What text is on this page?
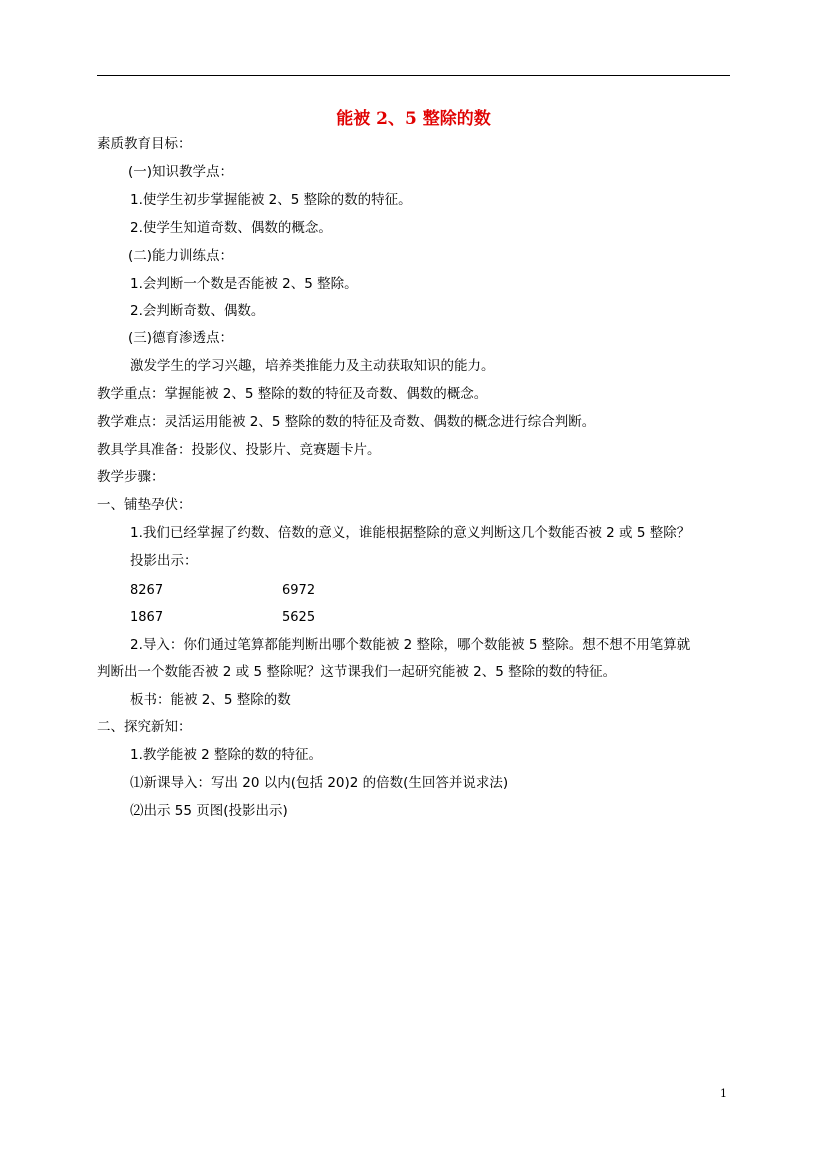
能被 2、5 整除的数
素质教育目标：
(一)知识教学点：
1.使学生初步掌握能被 2、5 整除的数的特征。
2.使学生知道奇数、偶数的概念。
(二)能力训练点：
1.会判断一个数是否能被 2、5 整除。
2.会判断奇数、偶数。
(三)德育渗透点：
激发学生的学习兴趣，培养类推能力及主动获取知识的能力。
教学重点：掌握能被 2、5 整除的数的特征及奇数、偶数的概念。
教学难点：灵活运用能被 2、5 整除的数的特征及奇数、偶数的概念进行综合判断。
教具学具准备：投影仪、投影片、竞赛题卡片。
教学步骤：
一、铺垫孕伏：
1.我们已经掌握了约数、倍数的意义，谁能根据整除的意义判断这几个数能否被 2 或 5 整除？
投影出示：
8267	6972
1867	5625
2.导入：你们通过笔算都能判断出哪个数能被 2 整除，哪个数能被 5 整除。想不想不用笔算就
判断出一个数能否被 2 或 5 整除呢？这节课我们一起研究能被 2、5 整除的数的特征。
板书：能被 2、5 整除的数
二、探究新知：
1.教学能被 2 整除的数的特征。
⑴新课导入：写出 20 以内(包括 20)2 的倍数(生回答并说求法)
⑵出示 55 页图(投影出示)
1
